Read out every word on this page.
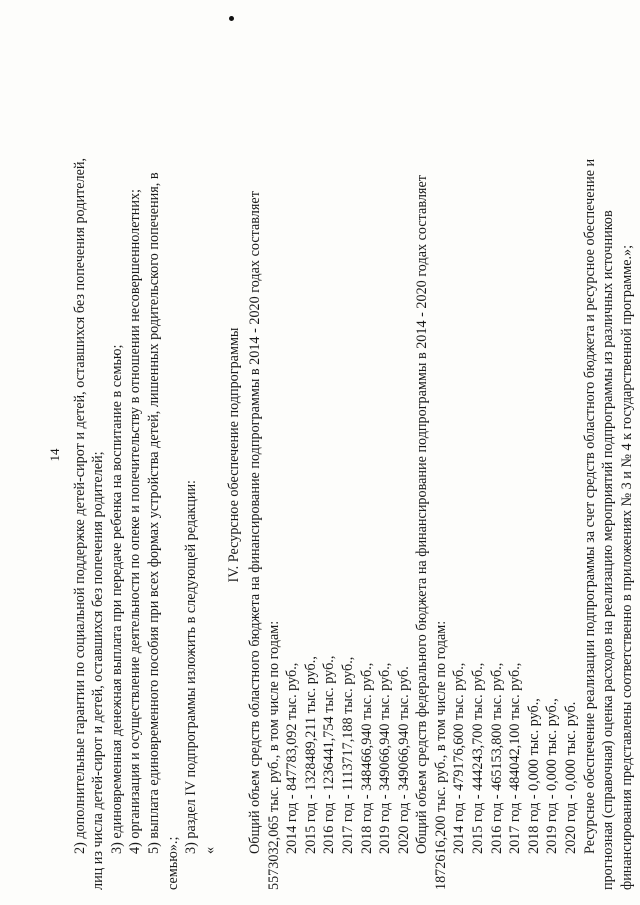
14 2) дополнительные гарантии по социальной поддержке детей-сирот и детей, оставшихся без попечения родителей, лиц из числа детей-сирот и детей, оставшихся без попечения родителей; 3) единовременная денежная выплата при передаче ребенка на воспитание в семью; 4) организация и осуществление деятельности по опеке и попечительству в отношении несовершеннолетних; 5) выплата единовременного пособия при всех формах устройства детей, лишенных родительского попечения, в
семью».;
3) раздел IV подпрограммы изложить в следующей редакции: «
IV. Ресурсное обеспечение подпрограммы Общий объем средств областного бюджета на финансирование подпрограммы в 2014 - 2020 годах составляет 5573032,065 тыс. руб., в том числе по годам: 2014 год - 847783,092 тыс. руб., 2015 год - 1328489,211 тыс. руб., 2016 год - 1236441,754 тыс. руб., 2017 год - 1113717,188 тыс. руб., 2018 год - 348466,940 тыс. руб., 2019 год - 349066,940 тыс. руб., 2020 год - 349066,940 тыс. руб. Общий объем средств федерального бюджета на финансирование подпрограммы в 2014 - 2020 годах составляет 1872616,200 тыс. руб., в том числе по годам: 2014 год - 479176,600 тыс. руб., 2015 год - 444243,700 тыс. руб., 2016 год - 465153,800 тыс. руб., 2017 год - 484042,100 тыс. руб., 2018 год - 0,000 тыс. руб., 2019 год - 0,000 тыс. руб., 2020 год - 0,000 тыс. руб. Ресурсное обеспечение реализации подпрограммы за счет средств областного бюджета и ресурсное обеспечение и прогнозная (справочная) оценка расходов на реализацию мероприятий подпрограммы из различных источников финансирования представлены соответственно в приложениях № 3 и № 4 к государственной программе.»;
